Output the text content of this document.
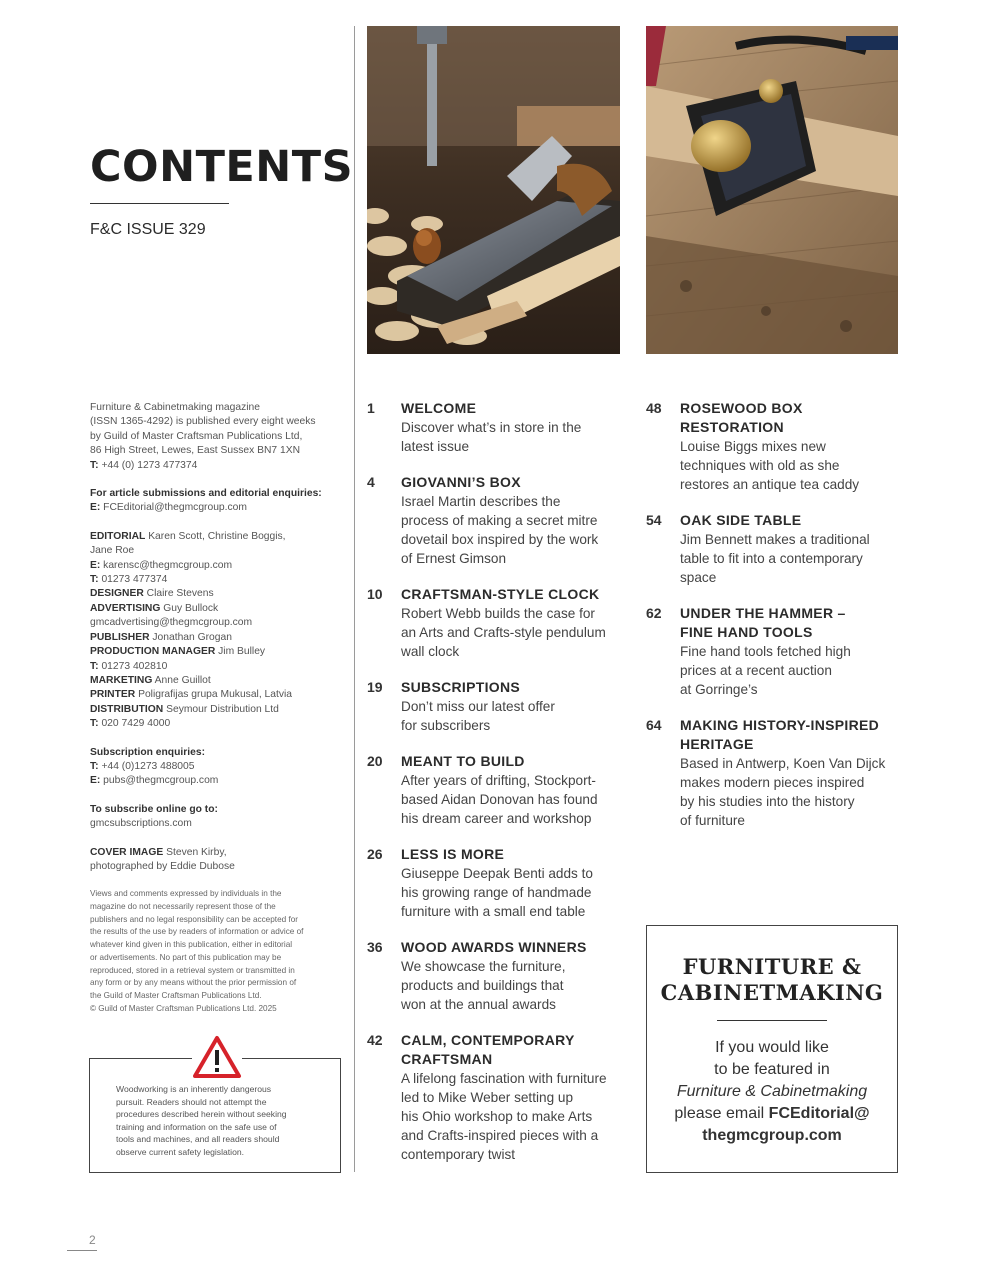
CONTENTS
F&C ISSUE 329

Furniture & Cabinetmaking magazine
(ISSN 1365-4292) is published every eight weeks
by Guild of Master Craftsman Publications Ltd,
86 High Street, Lewes, East Sussex BN7 1XN
T: +44 (0) 1273 477374

For article submissions and editorial enquiries:
E: FCEditorial@thegmcgroup.com

EDITORIAL Karen Scott, Christine Boggis,
Jane Roe
E: karensc@thegmcgroup.com
T: 01273 477374
DESIGNER Claire Stevens
ADVERTISING Guy Bullock
gmcadvertising@thegmcgroup.com
PUBLISHER Jonathan Grogan
PRODUCTION MANAGER Jim Bulley
T: 01273 402810
MARKETING Anne Guillot
PRINTER Poligrafijas grupa Mukusal, Latvia
DISTRIBUTION Seymour Distribution Ltd
T: 020 7429 4000

Subscription enquiries:
T: +44 (0)1273 488005
E: pubs@thegmcgroup.com

To subscribe online go to:
gmcsubscriptions.com

COVER IMAGE Steven Kirby,
photographed by Eddie Dubose

Views and comments expressed by individuals in the
magazine do not necessarily represent those of the
publishers and no legal responsibility can be accepted for
the results of the use by readers of information or advice of
whatever kind given in this publication, either in editorial
or advertisements. No part of this publication may be
reproduced, stored in a retrieval system or transmitted in
any form or by any means without the prior permission of
the Guild of Master Craftsman Publications Ltd.
© Guild of Master Craftsman Publications Ltd. 2025

Woodworking is an inherently dangerous
pursuit. Readers should not attempt the
procedures described herein without seeking
training and information on the safe use of
tools and machines, and all readers should
observe current safety legislation.
1	WELCOME
Discover what’s in store in the
latest issue
4	GIOVANNI’S BOX
Israel Martin describes the
process of making a secret mitre
dovetail box inspired by the work
of Ernest Gimson
10	CRAFTSMAN-STYLE CLOCK
Robert Webb builds the case for
an Arts and Crafts-style pendulum
wall clock
19	SUBSCRIPTIONS
Don’t miss our latest offer
for subscribers
20	MEANT TO BUILD
After years of drifting, Stockport-
based Aidan Donovan has found
his dream career and workshop
26	LESS IS MORE
Giuseppe Deepak Benti adds to
his growing range of handmade
furniture with a small end table
36	WOOD AWARDS WINNERS
We showcase the furniture,
products and buildings that
won at the annual awards
42	CALM, CONTEMPORARY
CRAFTSMAN
A lifelong fascination with furniture
led to Mike Weber setting up
his Ohio workshop to make Arts
and Crafts-inspired pieces with a
contemporary twist
48	ROSEWOOD BOX
RESTORATION
Louise Biggs mixes new
techniques with old as she
restores an antique tea caddy
54	OAK SIDE TABLE
Jim Bennett makes a traditional
table to fit into a contemporary
space
62	UNDER THE HAMMER –
FINE HAND TOOLS
Fine hand tools fetched high
prices at a recent auction
at Gorringe’s
64	MAKING HISTORY-INSPIRED
HERITAGE
Based in Antwerp, Koen Van Dijck
makes modern pieces inspired
by his studies into the history
of furniture
FURNITURE &
CABINETMAKING
If you would like
to be featured in
Furniture & Cabinetmaking
please email FCEditorial@
thegmcgroup.com
2
